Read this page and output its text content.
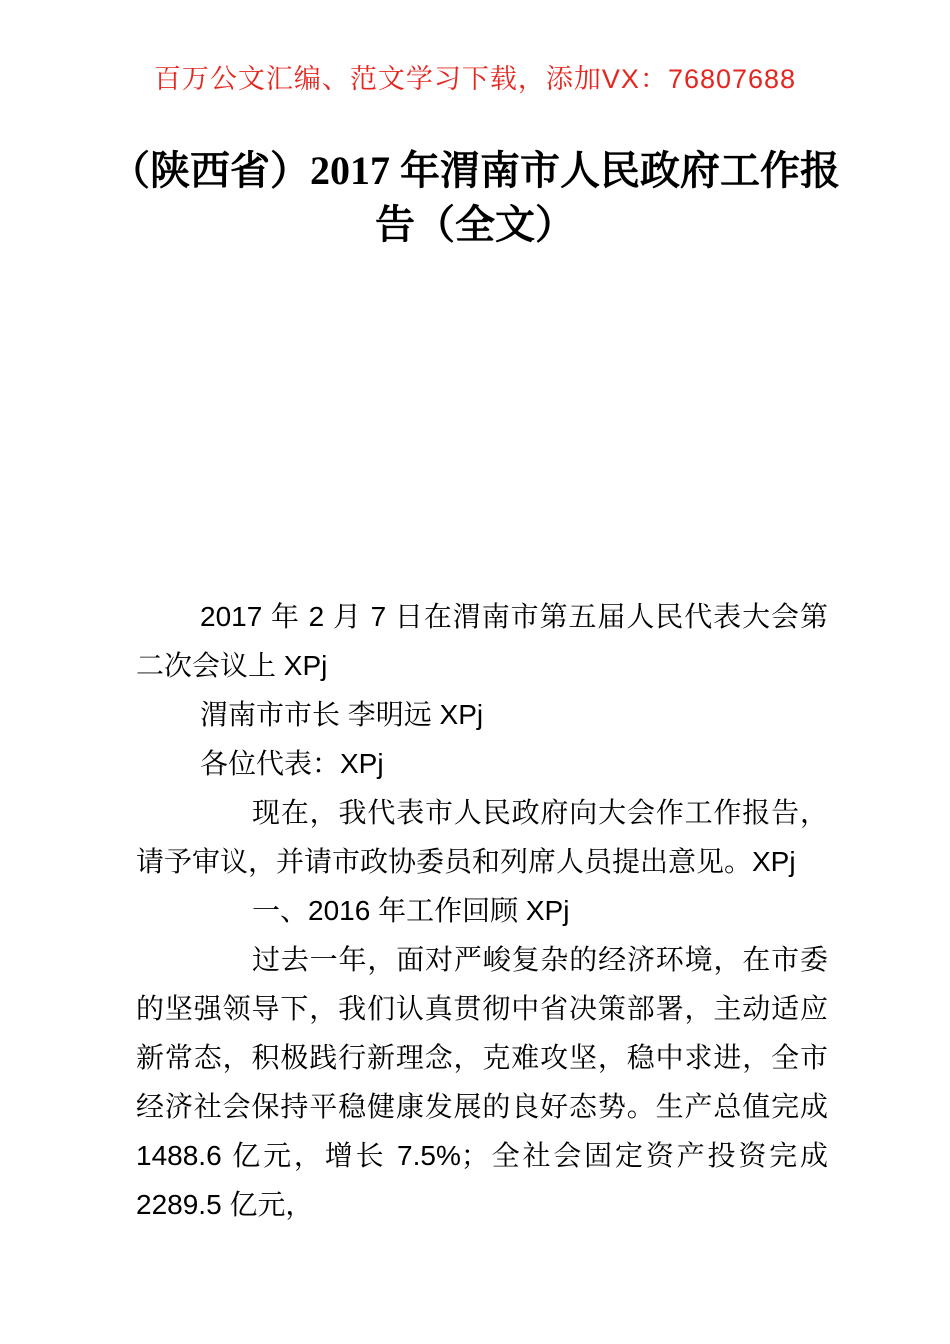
百万公文汇编、范文学习下载，添加VX：76807688
（陕西省）2017 年渭南市人民政府工作报
告（全文）

2017 年 2 月 7 日在渭南市第五届人民代表大会第二次会议上 XPj

渭南市市长 李明远 XPj

各位代表：XPj

现在，我代表市人民政府向大会作工作报告，请予审议，并请市政协委员和列席人员提出意见。XPj

一、2016 年工作回顾 XPj

过去一年，面对严峻复杂的经济环境，在市委的坚强领导下，我们认真贯彻中省决策部署，主动适应新常态，积极践行新理念，克难攻坚，稳中求进，全市经济社会保持平稳健康发展的良好态势。生产总值完成 1488.6 亿元，增长 7.5%；全社会固定资产投资完成 2289.5 亿元，
